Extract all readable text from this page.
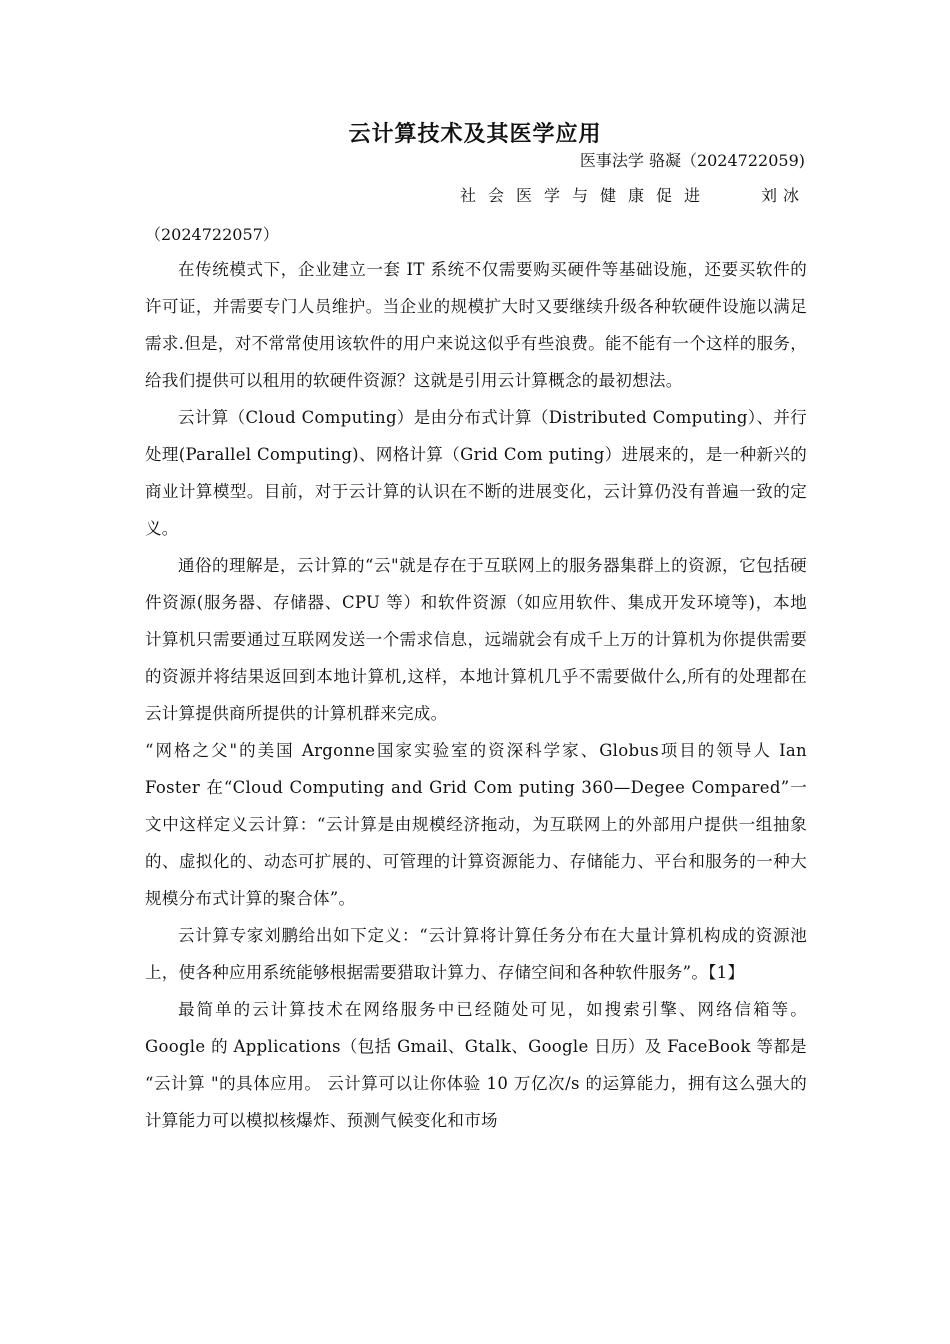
云计算技术及其医学应用
医事法学 骆凝（2024722059)
社会医学与健康促进	刘冰
（2024722057）

在传统模式下，企业建立一套 IT 系统不仅需要购买硬件等基础设施，还要买软件的许可证，并需要专门人员维护。当企业的规模扩大时又要继续升级各种软硬件设施以满足需求.但是，对不常常使用该软件的用户来说这似乎有些浪费。能不能有一个这样的服务，给我们提供可以租用的软硬件资源？这就是引用云计算概念的最初想法。

云计算（Cloud Computing）是由分布式计算（Distributed Computing）、并行处理(Parallel Computing)、网格计算（Grid Com puting）进展来的，是一种新兴的商业计算模型。目前，对于云计算的认识在不断的进展变化，云计算仍没有普遍一致的定义。

通俗的理解是，云计算的“云"就是存在于互联网上的服务器集群上的资源，它包括硬件资源(服务器、存储器、CPU 等）和软件资源（如应用软件、集成开发环境等)，本地计算机只需要通过互联网发送一个需求信息，远端就会有成千上万的计算机为你提供需要的资源并将结果返回到本地计算机,这样，本地计算机几乎不需要做什么,所有的处理都在云计算提供商所提供的计算机群来完成。

“网格之父"的美国 Argonne国家实验室的资深科学家、Globus项目的领导人 Ian Foster 在“Cloud Computing and Grid Com puting 360—Degee Compared”一文中这样定义云计算：“云计算是由规模经济拖动，为互联网上的外部用户提供一组抽象的、虚拟化的、动态可扩展的、可管理的计算资源能力、存储能力、平台和服务的一种大规模分布式计算的聚合体”。

云计算专家刘鹏给出如下定义：“云计算将计算任务分布在大量计算机构成的资源池上，使各种应用系统能够根据需要猎取计算力、存储空间和各种软件服务”。【1】

最简单的云计算技术在网络服务中已经随处可见，如搜索引擎、网络信箱等。 Google 的 Applications（包括 Gmail、Gtalk、Google 日历）及 FaceBook 等都是 “云计算 "的具体应用。 云计算可以让你体验 10 万亿次/s 的运算能力，拥有这么强大的计算能力可以模拟核爆炸、预测气候变化和市场
